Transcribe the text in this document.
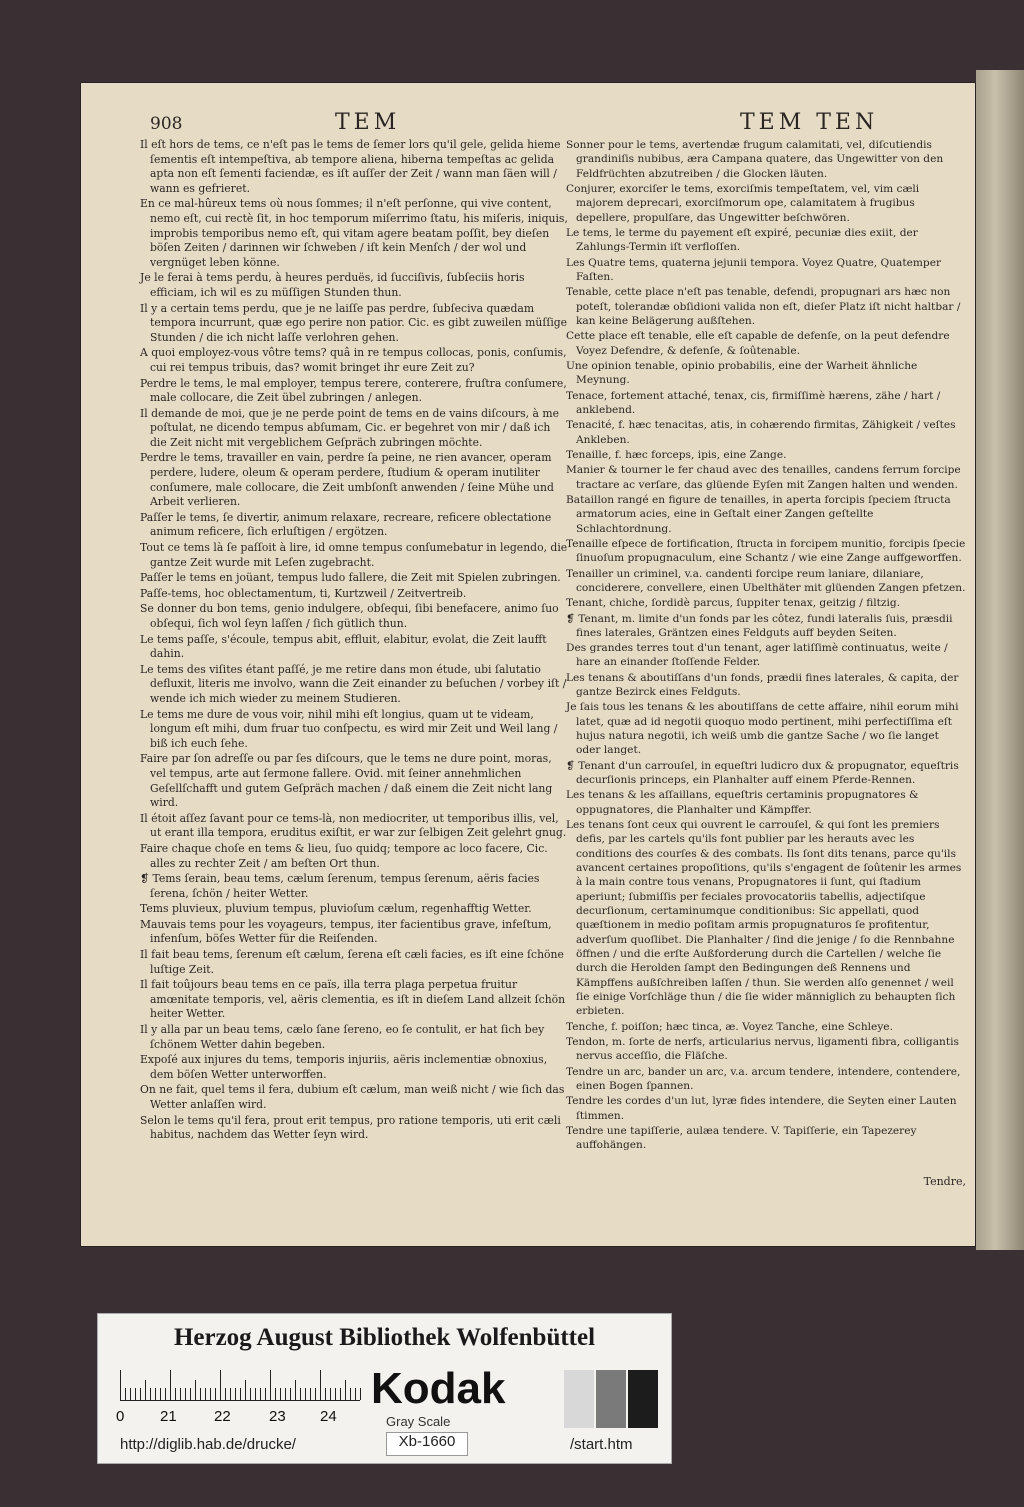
908	TEM	TEM TEN
Il eſt hors de tems, ce n'eſt pas le tems de ſemer lors qu'il gele, gelida hieme ſementis eſt intempeſtiva, ab tempore aliena, hiberna tempeſtas ac gelida apta non eſt ſementi faciendæ, es iſt auſſer der Zeit / wann man ſäen will / wann es gefrieret.
En ce mal-hûreux tems où nous ſommes; il n'eſt perſonne, qui vive content, nemo eſt, cui rectè ſit, in hoc temporum miſerrimo ſtatu, his miſeris, iniquis, improbis temporibus nemo eſt, qui vitam agere beatam poſſit, bey dieſen böſen Zeiten / darinnen wir ſchweben / iſt kein Menſch / der wol und vergnüget leben könne.
Je le ferai à tems perdu, à heures perduës, id ſucciſivis, ſubſeciis horis efficiam, ich wil es zu müſſigen Stunden thun.
Il y a certain tems perdu, que je ne laiſſe pas perdre, ſubſeciva quædam tempora incurrunt, quæ ego perire non patior. Cic. es gibt zuweilen müſſige Stunden / die ich nicht laſſe verlohren gehen.
A quoi employez-vous vôtre tems? quâ in re tempus collocas, ponis, conſumis, cui rei tempus tribuis, das? womit bringet ihr eure Zeit zu?
Perdre le tems, le mal employer, tempus terere, conterere, fruſtra conſumere, male collocare, die Zeit übel zubringen / anlegen.
Il demande de moi, que je ne perde point de tems en de vains diſcours, à me poſtulat, ne dicendo tempus abſumam, Cic. er begehret von mir / daß ich die Zeit nicht mit vergeblichem Geſpräch zubringen möchte.
Perdre le tems, travailler en vain, perdre ſa peine, ne rien avancer, operam perdere, ludere, oleum & operam perdere, ſtudium & operam inutiliter conſumere, male collocare, die Zeit umbſonſt anwenden / ſeine Mühe und Arbeit verlieren.
Paſſer le tems, ſe divertir, animum relaxare, recreare, reficere oblectatione animum reficere, ſich erluſtigen / ergötzen.
Tout ce tems là ſe paſſoit à lire, id omne tempus conſumebatur in legendo, die gantze Zeit wurde mit Leſen zugebracht.
Paſſer le tems en joüant, tempus ludo fallere, die Zeit mit Spielen zubringen.
Paſſe-tems, hoc oblectamentum, ti, Kurtzweil / Zeitvertreib.
Se donner du bon tems, genio indulgere, obſequi, ſibi benefacere, animo ſuo obſequi, ſich wol ſeyn laſſen / ſich gütlich thun.
Le tems paſſe, s'écoule, tempus abit, effluit, elabitur, evolat, die Zeit laufft dahin.
Le tems des viſites étant paſſé, je me retire dans mon étude, ubi ſalutatio defluxit, literis me involvo, wann die Zeit einander zu beſuchen / vorbey iſt / wende ich mich wieder zu meinem Studieren.
Le tems me dure de vous voir, nihil mihi eſt longius, quam ut te videam, longum eſt mihi, dum fruar tuo conſpectu, es wird mir Zeit und Weil lang / biß ich euch ſehe.
Faire par ſon adreſſe ou par ſes diſcours, que le tems ne dure point, moras, vel tempus, arte aut ſermone fallere. Ovid. mit ſeiner annehmlichen Geſellſchafft und gutem Geſpräch machen / daß einem die Zeit nicht lang wird.
Il étoit aſſez ſavant pour ce tems-là, non mediocriter, ut temporibus illis, vel, ut erant illa tempora, eruditus exiſtit, er war zur ſelbigen Zeit gelehrt gnug.
Faire chaque choſe en tems & lieu, ſuo quidq; tempore ac loco facere, Cic. alles zu rechter Zeit / am beſten Ort thun.
❡ Tems ſerain, beau tems, cælum ſerenum, tempus ſerenum, aëris facies ſerena, ſchön / heiter Wetter.
Tems pluvieux, pluvium tempus, pluvioſum cælum, regenhafftig Wetter.
Mauvais tems pour les voyageurs, tempus, iter facientibus grave, infeſtum, infenſum, böſes Wetter für die Reiſenden.
Il fait beau tems, ſerenum eſt cælum, ſerena eſt cæli facies, es iſt eine ſchöne luſtige Zeit.
Il fait toûjours beau tems en ce païs, illa terra plaga perpetua fruitur amœnitate temporis, vel, aëris clementia, es iſt in dieſem Land allzeit ſchön heiter Wetter.
Il y alla par un beau tems, cælo ſane ſereno, eo ſe contulit, er hat ſich bey ſchönem Wetter dahin begeben.
Expoſé aux injures du tems, temporis injuriis, aëris inclementiæ obnoxius, dem böſen Wetter unterworffen.
On ne fait, quel tems il fera, dubium eſt cælum, man weiß nicht / wie ſich das Wetter anlaſſen wird.
Selon le tems qu'il fera, prout erit tempus, pro ratione temporis, uti erit cæli habitus, nachdem das Wetter ſeyn wird.
Sonner pour le tems, avertendæ frugum calamitati, vel, diſcutiendis grandiniſis nubibus, æra Campana quatere, das Ungewitter von den Feldfrüchten abzutreiben / die Glocken läuten.
Conjurer, exorciſer le tems, exorciſmis tempeſtatem, vel, vim cæli majorem deprecari, exorciſmorum ope, calamitatem à frugibus depellere, propulſare, das Ungewitter beſchwören.
Le tems, le terme du payement eſt expiré, pecuniæ dies exiit, der Zahlungs-Termin iſt verfloſſen.
Les Quatre tems, quaterna jejunii tempora. Voyez Quatre, Quatemper Faſten.
Tenable, cette place n'eſt pas tenable, defendi, propugnari ars hæc non poteſt, tolerandæ obſidioni valida non eſt, dieſer Platz iſt nicht haltbar / kan keine Belägerung außſtehen.
Cette place eſt tenable, elle eſt capable de defenſe, on la peut defendre Voyez Defendre, & defenſe, & ſoûtenable.
Une opinion tenable, opinio probabilis, eine der Warheit ähnliche Meynung.
Tenace, fortement attaché, tenax, cis, firmiſſimè hærens, zähe / hart / anklebend.
Tenacité, f. hæc tenacitas, atis, in cohærendo firmitas, Zähigkeit / veſtes Ankleben.
Tenaille, f. hæc forceps, ipis, eine Zange.
Manier & tourner le fer chaud avec des tenailles, candens ferrum forcipe tractare ac verſare, das glüende Eyſen mit Zangen halten und wenden.
Bataillon rangé en figure de tenailles, in aperta forcipis ſpeciem ſtructa armatorum acies, eine in Geſtalt einer Zangen geſtellte Schlachtordnung.
Tenaille eſpece de fortification, ſtructa in forcipem munitio, forcipis ſpecie ſinuoſum propugnaculum, eine Schantz / wie eine Zange auffgeworffen.
Tenailler un criminel, v.a. candenti forcipe reum laniare, dilaniare, conciderere, convellere, einen Ubelthäter mit glüenden Zangen pfetzen.
Tenant, chiche, ſordidè parcus, ſuppiter tenax, geitzig / filtzig.
❡ Tenant, m. limite d'un fonds par les côtez, fundi lateralis ſuis, præsdii fines laterales, Gräntzen eines Feldguts auff beyden Seiten.
Des grandes terres tout d'un tenant, ager latiſſimè continuatus, weite / hare an einander ſtoſſende Felder.
Les tenans & aboutiſſans d'un fonds, prædii fines laterales, & capita, der gantze Bezirck eines Feldguts.
Je ſais tous les tenans & les aboutiſſans de cette affaire, nihil eorum mihi latet, quæ ad id negotii quoquo modo pertinent, mihi perfectiſſima eſt hujus natura negotii, ich weiß umb die gantze Sache / wo ſie langet oder langet.
❡ Tenant d'un carrouſel, in equeſtri ludicro dux & propugnator, equeſtris decurſionis princeps, ein Planhalter auff einem Pferde-Rennen.
Les tenans & les aſſaillans, equeſtris certaminis propugnatores & oppugnatores, die Planhalter und Kämpffer.
Les tenans ſont ceux qui ouvrent le carrouſel, & qui ſont les premiers defis, par les cartels qu'ils font publier par les herauts avec les conditions des courſes & des combats. Ils ſont dits tenans, parce qu'ils avancent certaines propoſitions, qu'ils s'engagent de ſoûtenir les armes à la main contre tous venans, Propugnatores ii ſunt, qui ſtadium aperiunt; ſubmiſſis per feciales provocatoriis tabellis, adjectiſque decurſionum, certaminumque conditionibus: Sic appellati, quod quæſtionem in medio poſitam armis propugnaturos ſe profitentur, adverſum quoſlibet. Die Planhalter / ſind die jenige / ſo die Rennbahne öffnen / und die erſte Außforderung durch die Cartellen / welche ſie durch die Herolden ſampt den Bedingungen deß Rennens und Kämpffens außſchreiben laſſen / thun. Sie werden alſo genennet / weil ſie einige Vorſchläge thun / die ſie wider männiglich zu behaupten ſich erbieten.
Tenche, f. poiſſon; hæc tinca, æ. Voyez Tanche, eine Schleye.
Tendon, m. ſorte de nerfs, articularius nervus, ligamenti fibra, colligantis nervus acceſſio, die Fläſche.
Tendre un arc, bander un arc, v.a. arcum tendere, intendere, contendere, einen Bogen ſpannen.
Tendre les cordes d'un lut, lyræ fides intendere, die Seyten einer Lauten ſtimmen.
Tendre une tapiſſerie, aulæa tendere. V. Tapiſſerie, ein Tapezerey auffohängen.
Tendre,
Herzog August Bibliothek Wolfenbüttel
0 21 22	23 24
Kodak
Gray Scale
http://diglib.hab.de/drucke/	Xb-1660	/start.htm
